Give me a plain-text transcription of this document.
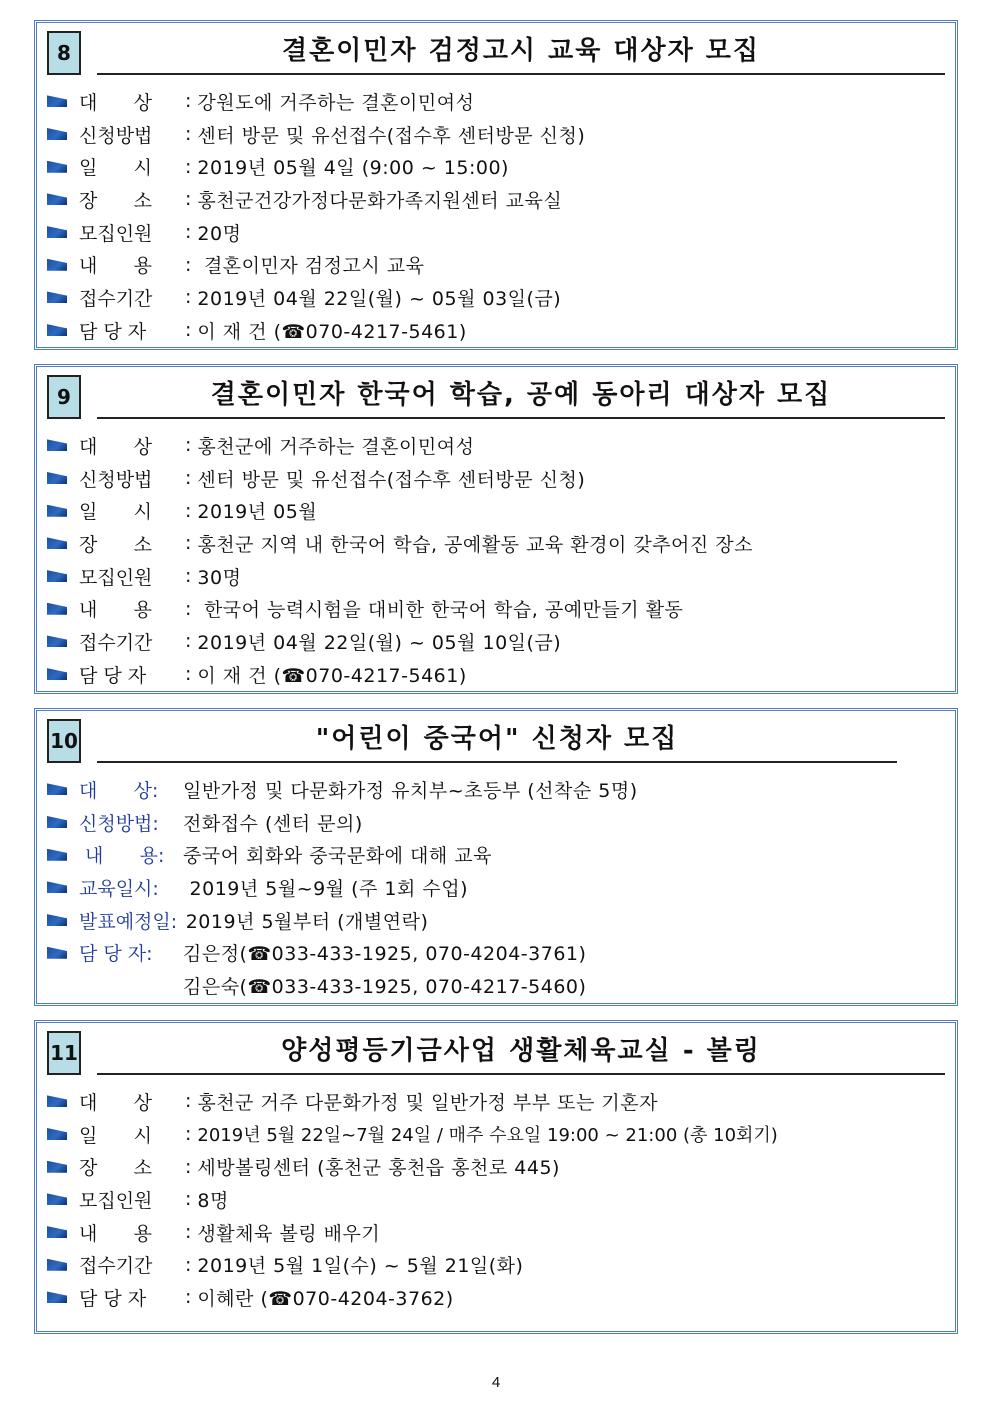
8	결혼이민자 검정고시 교육 대상자 모집
대      상	: 강원도에 거주하는 결혼이민여성
신청방법	: 센터 방문 및 유선접수(접수후 센터방문 신청)
일      시	: 2019년 05월 4일 (9:00 ~ 15:00)
장      소	: 홍천군건강가정다문화가족지원센터 교육실
모집인원	: 20명
내      용	: 결혼이민자 검정고시 교육
접수기간	: 2019년 04월 22일(월) ~ 05월 03일(금)
담 당 자	: 이 재 건 (☎070-4217-5461)
9	결혼이민자 한국어 학습, 공예 동아리 대상자 모집
대      상	: 홍천군에 거주하는 결혼이민여성
신청방법	: 센터 방문 및 유선접수(접수후 센터방문 신청)
일      시	: 2019년 05월
장      소	: 홍천군 지역 내 한국어 학습, 공예활동 교육 환경이 갖추어진 장소
모집인원	: 30명
내      용	: 한국어 능력시험을 대비한 한국어 학습, 공예만들기 활동
접수기간	: 2019년 04월 22일(월) ~ 05월 10일(금)
담 당 자	: 이 재 건 (☎070-4217-5461)
10	"어린이 중국어" 신청자 모집
대      상:	일반가정 및 다문화가정 유치부~초등부 (선착순 5명)
신청방법:	전화접수 (센터 문의)
내      용: 중국어 회화와 중국문화에 대해 교육
교육일시:	2019년 5월~9월 (주 1회 수업)
발표예정일: 2019년 5월부터 (개별연락)
담 당 자:	김은정(☎033-433-1925, 070-4204-3761)
김은숙(☎033-433-1925, 070-4217-5460)
11	양성평등기금사업 생활체육교실 - 볼링
대      상	: 홍천군 거주 다문화가정 및 일반가정 부부 또는 기혼자
일      시	: 2019년 5월 22일~7월 24일 / 매주 수요일 19:00 ~ 21:00 (총 10회기)
장      소	: 세방볼링센터 (홍천군 홍천읍 홍천로 445)
모집인원	: 8명
내      용	: 생활체육 볼링 배우기
접수기간	: 2019년 5월 1일(수) ~ 5월 21일(화)
담 당 자	: 이혜란 (☎070-4204-3762)
4
